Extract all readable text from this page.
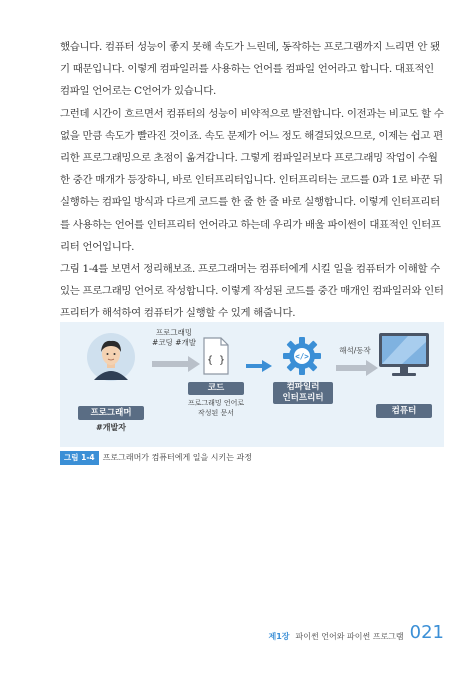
했습니다. 컴퓨터 성능이 좋지 못해 속도가 느린데, 동작하는 프로그램까지 느리면 안 됐기 때문입니다. 이렇게 컴파일러를 사용하는 언어를 컴파일 언어라고 합니다. 대표적인 컴파일 언어로는 C언어가 있습니다.

그런데 시간이 흐르면서 컴퓨터의 성능이 비약적으로 발전합니다. 이전과는 비교도 할 수 없을 만큼 속도가 빨라진 것이죠. 속도 문제가 어느 정도 해결되었으므로, 이제는 쉽고 편리한 프로그래밍으로 초점이 옮겨갑니다. 그렇게 컴파일러보다 프로그래밍 작업이 수월한 중간 매개가 등장하니, 바로 인터프리터입니다. 인터프리터는 코드를 0과 1로 바꾼 뒤 실행하는 컴파일 방식과 다르게 코드를 한 줄 한 줄 바로 실행합니다. 이렇게 인터프리터를 사용하는 언어를 인터프리터 언어라고 하는데 우리가 배울 파이썬이 대표적인 인터프리터 언어입니다.

그림 1-4를 보면서 정리해보죠. 프로그래머는 컴퓨터에게 시킬 일을 컴퓨터가 이해할 수 있는 프로그래밍 언어로 작성합니다. 이렇게 작성된 코드를 중간 매개인 컴파일러와 인터프리터가 해석하여 컴퓨터가 실행할 수 있게 해줍니다.

프로그래머
#개발자
프로그래밍
#코딩 #개발
{ }
코드
프로그래밍 언어로
작성된 문서
</>
컴파일러
인터프리터
해석/동작
컴퓨터
그림 1-4 프로그래머가 컴퓨터에게 일을 시키는 과정
제1장 파이썬 언어와 파이썬 프로그램 021
